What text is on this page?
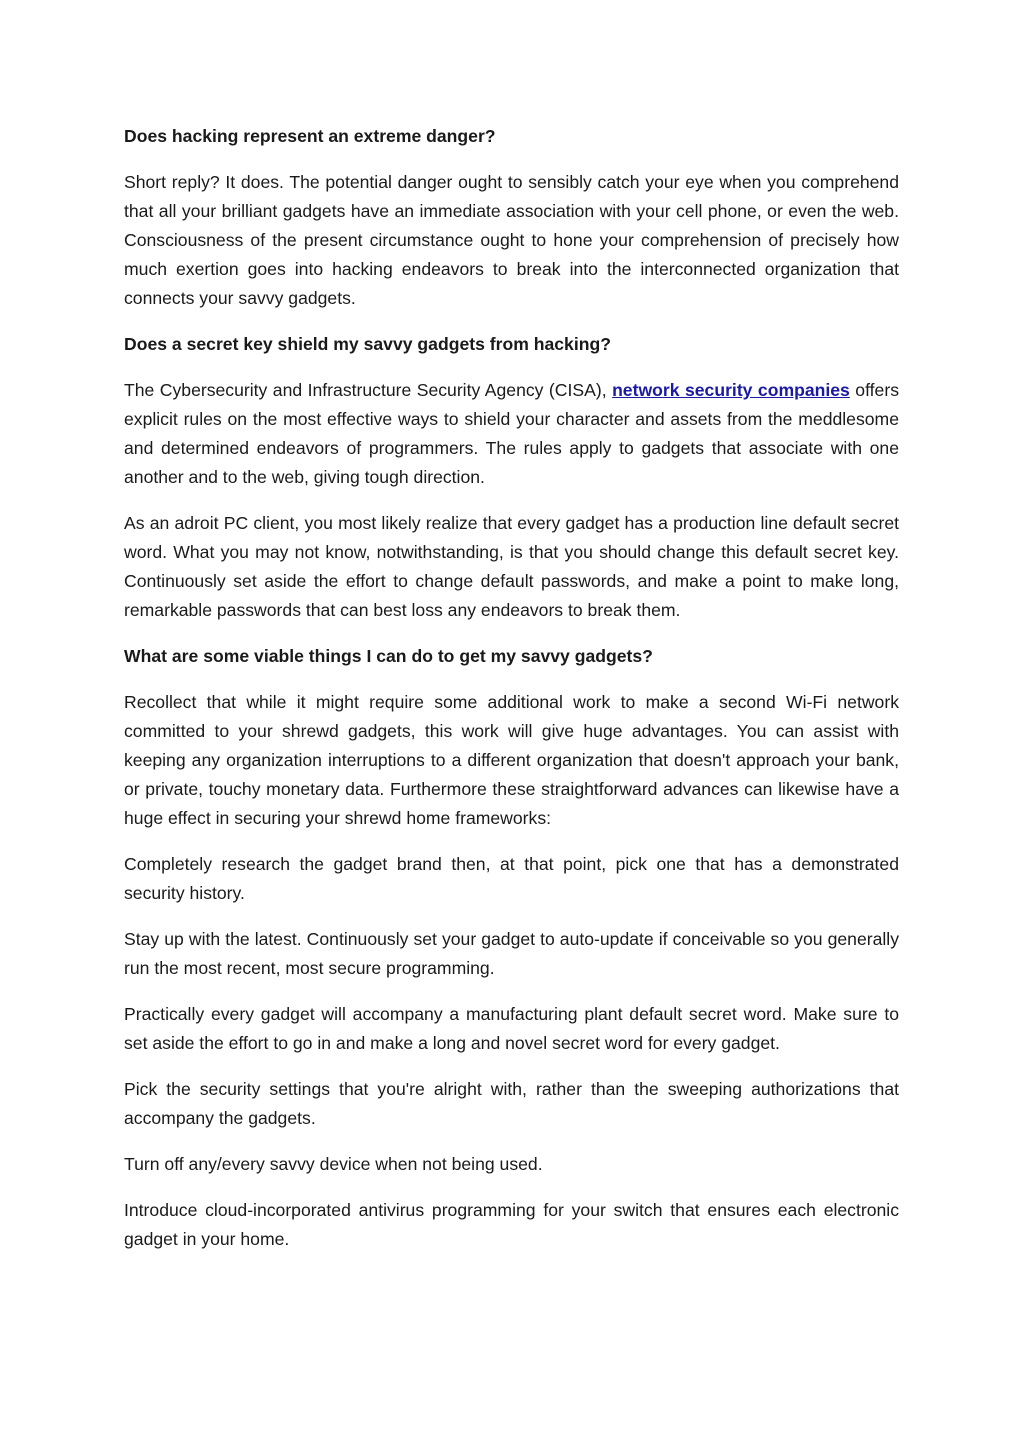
Does hacking represent an extreme danger?
Short reply? It does. The potential danger ought to sensibly catch your eye when you comprehend that all your brilliant gadgets have an immediate association with your cell phone, or even the web. Consciousness of the present circumstance ought to hone your comprehension of precisely how much exertion goes into hacking endeavors to break into the interconnected organization that connects your savvy gadgets.
Does a secret key shield my savvy gadgets from hacking?
The Cybersecurity and Infrastructure Security Agency (CISA), network security companies offers explicit rules on the most effective ways to shield your character and assets from the meddlesome and determined endeavors of programmers. The rules apply to gadgets that associate with one another and to the web, giving tough direction.
As an adroit PC client, you most likely realize that every gadget has a production line default secret word. What you may not know, notwithstanding, is that you should change this default secret key. Continuously set aside the effort to change default passwords, and make a point to make long, remarkable passwords that can best loss any endeavors to break them.
What are some viable things I can do to get my savvy gadgets?
Recollect that while it might require some additional work to make a second Wi-Fi network committed to your shrewd gadgets, this work will give huge advantages. You can assist with keeping any organization interruptions to a different organization that doesn't approach your bank, or private, touchy monetary data. Furthermore these straightforward advances can likewise have a huge effect in securing your shrewd home frameworks:
Completely research the gadget brand then, at that point, pick one that has a demonstrated security history.
Stay up with the latest. Continuously set your gadget to auto-update if conceivable so you generally run the most recent, most secure programming.
Practically every gadget will accompany a manufacturing plant default secret word. Make sure to set aside the effort to go in and make a long and novel secret word for every gadget.
Pick the security settings that you're alright with, rather than the sweeping authorizations that accompany the gadgets.
Turn off any/every savvy device when not being used.
Introduce cloud-incorporated antivirus programming for your switch that ensures each electronic gadget in your home.
